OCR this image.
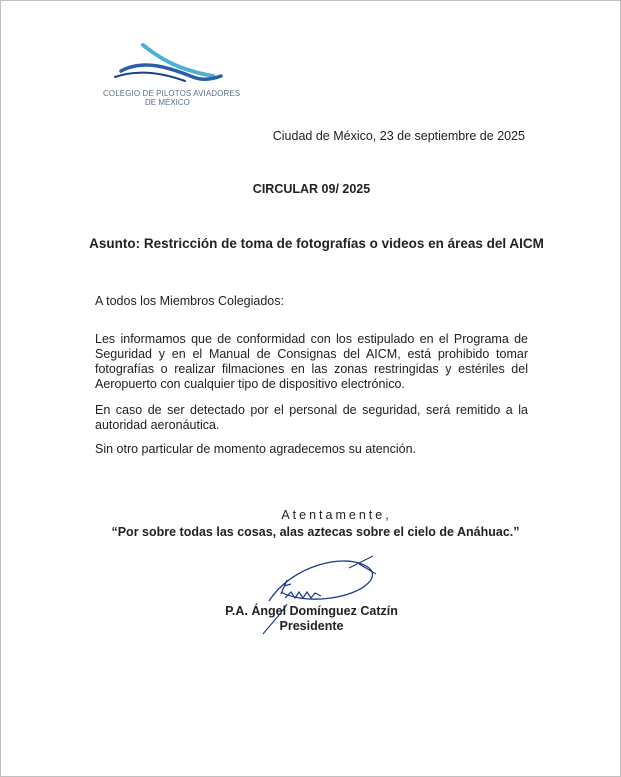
COLEGIO DE PILOTOS AVIADORES
DE MÉXICO
Ciudad de México, 23 de septiembre de 2025
CIRCULAR 09/ 2025
Asunto: Restricción de toma de fotografías o videos en áreas del AICM
A todos los Miembros Colegiados:

Les informamos que de conformidad con los estipulado en el Programa de Seguridad y en el Manual de Consignas del AICM, está prohibido tomar fotografías o realizar filmaciones en las zonas restringidas y estériles del Aeropuerto con cualquier tipo de dispositivo electrónico.

En caso de ser detectado por el personal de seguridad, será remitido a la autoridad aeronáutica.

Sin otro particular de momento agradecemos su atención.

Atentamente,
“Por sobre todas las cosas, alas aztecas sobre el cielo de Anáhuac.”
P.A. Ángel Domínguez Catzín
Presidente
